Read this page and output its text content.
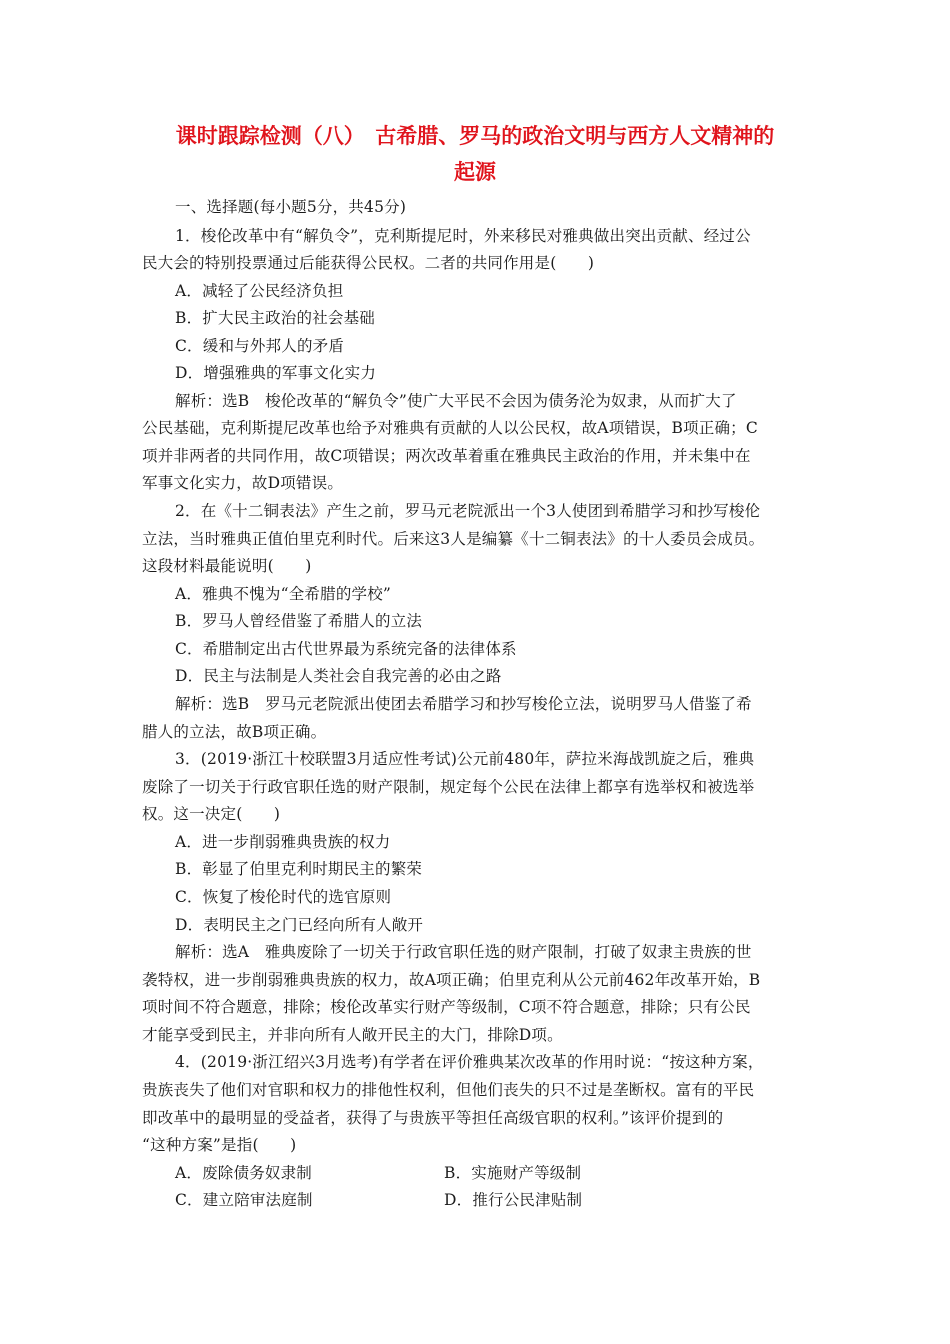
课时跟踪检测（八）　古希腊、罗马的政治文明与西方人文精神的
起源

一、选择题(每小题5分，共45分)

1．梭伦改革中有“解负令”，克利斯提尼时，外来移民对雅典做出突出贡献、经过公

民大会的特别投票通过后能获得公民权。二者的共同作用是(　　)

A．减轻了公民经济负担

B．扩大民主政治的社会基础

C．缓和与外邦人的矛盾

D．增强雅典的军事文化实力

解析：选B　梭伦改革的“解负令”使广大平民不会因为债务沦为奴隶，从而扩大了

公民基础，克利斯提尼改革也给予对雅典有贡献的人以公民权，故A项错误，B项正确；C

项并非两者的共同作用，故C项错误；两次改革着重在雅典民主政治的作用，并未集中在

军事文化实力，故D项错误。

2．在《十二铜表法》产生之前，罗马元老院派出一个3人使团到希腊学习和抄写梭伦

立法，当时雅典正值伯里克利时代。后来这3人是编纂《十二铜表法》的十人委员会成员。

这段材料最能说明(　　)

A．雅典不愧为“全希腊的学校”

B．罗马人曾经借鉴了希腊人的立法

C．希腊制定出古代世界最为系统完备的法律体系

D．民主与法制是人类社会自我完善的必由之路

解析：选B　罗马元老院派出使团去希腊学习和抄写梭伦立法，说明罗马人借鉴了希

腊人的立法，故B项正确。

3．(2019·浙江十校联盟3月适应性考试)公元前480年，萨拉米海战凯旋之后，雅典

废除了一切关于行政官职任选的财产限制，规定每个公民在法律上都享有选举权和被选举

权。这一决定(　　)

A．进一步削弱雅典贵族的权力

B．彰显了伯里克利时期民主的繁荣

C．恢复了梭伦时代的选官原则

D．表明民主之门已经向所有人敞开

解析：选A　雅典废除了一切关于行政官职任选的财产限制，打破了奴隶主贵族的世

袭特权，进一步削弱雅典贵族的权力，故A项正确；伯里克利从公元前462年改革开始，B

项时间不符合题意，排除；梭伦改革实行财产等级制，C项不符合题意，排除；只有公民

才能享受到民主，并非向所有人敞开民主的大门，排除D项。

4．(2019·浙江绍兴3月选考)有学者在评价雅典某次改革的作用时说：“按这种方案，

贵族丧失了他们对官职和权力的排他性权利，但他们丧失的只不过是垄断权。富有的平民

即改革中的最明显的受益者，获得了与贵族平等担任高级官职的权利。”该评价提到的

“这种方案”是指(　　)

A．废除债务奴隶制	B．实施财产等级制

C．建立陪审法庭制	D．推行公民津贴制
